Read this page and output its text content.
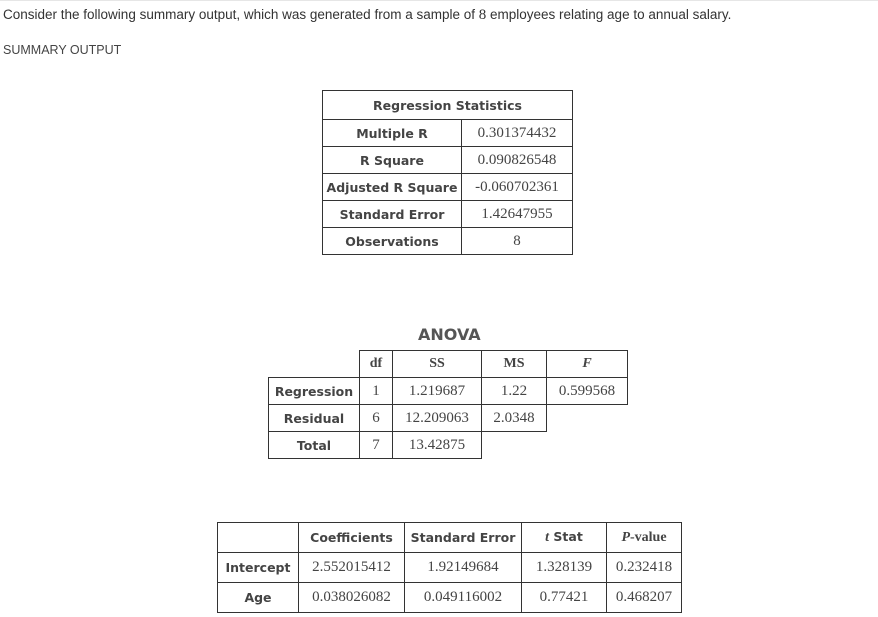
Consider the following summary output, which was generated from a sample of 8 employees relating age to annual salary.
SUMMARY OUTPUT
Regression Statistics	
Multiple R	0.301374432
R Square	0.090826548
Adjusted R Square	-0.060702361
Standard Error	1.42647955
Observations	8
ANOVA
	df	SS	MS	F
Regression	1	1.219687	1.22	0.599568
Residual	6	12.209063	2.0348	
Total	7	13.42875		
	Coefficients	Standard Error	t Stat	P-value
Intercept	2.552015412	1.92149684	1.328139	0.232418
Age	0.038026082	0.049116002	0.77421	0.468207
